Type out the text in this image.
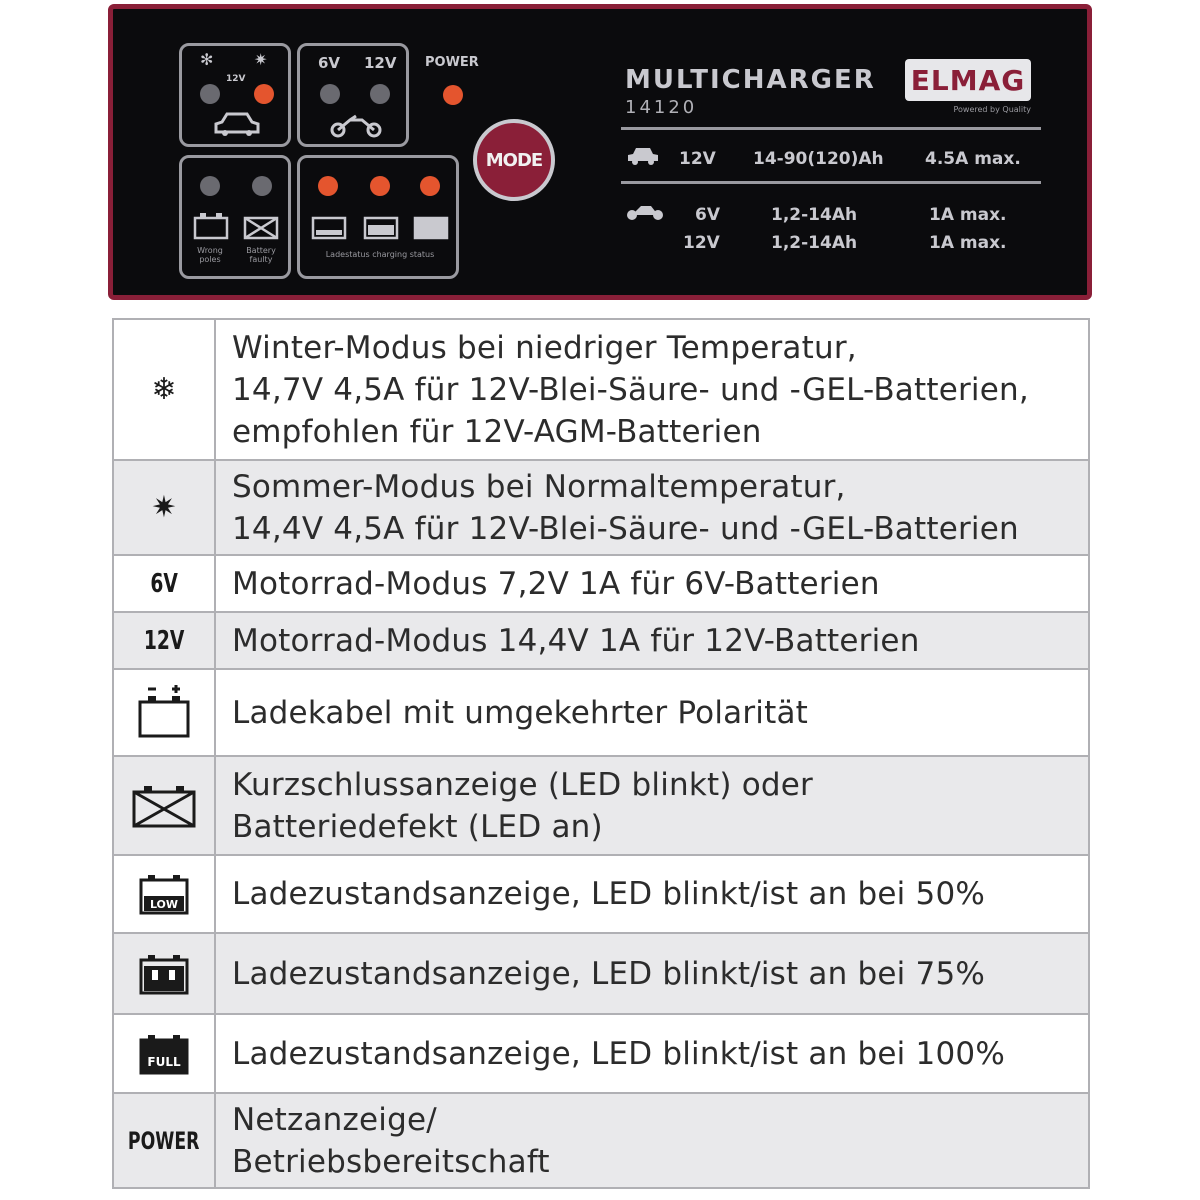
✻	✷
12V
6V 12V POWER
Wrong poles
Battery faulty
Ladestatus charging status
MODE
MULTICHARGER
14120
ELMAG
Powered by Quality
12V 14-90(120)Ah 4.5A max.
6V	1,2-14Ah	1A max.
12V	1,2-14Ah	1A max.
❄	Winter-Modus bei niedriger Temperatur,
14,7V 4,5A für 12V-Blei-Säure- und -GEL-Batterien,
empfohlen für 12V-AGM-Batterien

✷	Sommer-Modus bei Normaltemperatur,
14,4V 4,5A für 12V-Blei-Säure- und -GEL-Batterien

6V	Motorrad-Modus 7,2V 1A für 6V-Batterien

12V	Motorrad-Modus 14,4V 1A für 12V-Batterien

Ladekabel mit umgekehrter Polarität

Kurzschlussanzeige (LED blinkt) oder
Batteriedefekt (LED an)

LOW	Ladezustandsanzeige, LED blinkt/ist an bei 50%

Ladezustandsanzeige, LED blinkt/ist an bei 75%

FULL	Ladezustandsanzeige, LED blinkt/ist an bei 100%

POWER	Netzanzeige/
Betriebsbereitschaft
